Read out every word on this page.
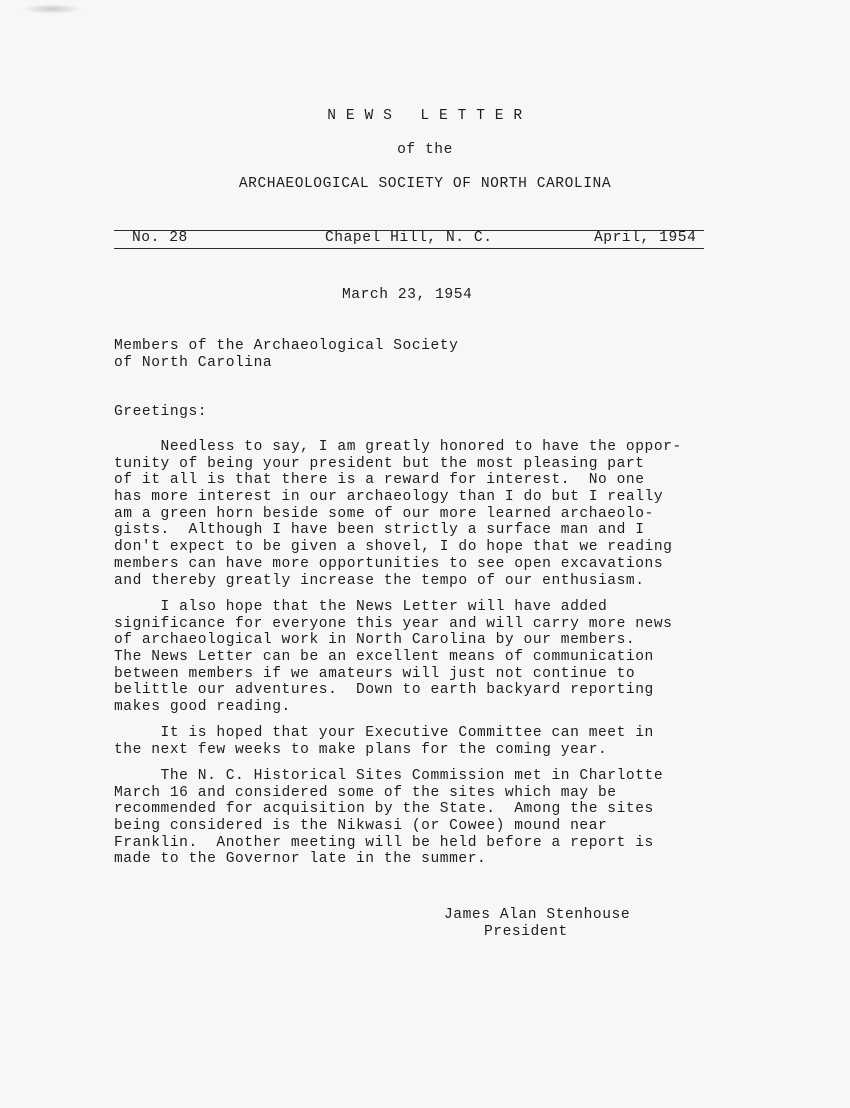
N E W S   L E T T E R
of the
ARCHAEOLOGICAL SOCIETY OF NORTH CAROLINA
No. 28	Chapel Hill, N. C.	April, 1954
March 23, 1954
Members of the Archaeological Society
of North Carolina
Greetings:
Needless to say, I am greatly honored to have the oppor-
tunity of being your president but the most pleasing part
of it all is that there is a reward for interest.  No one
has more interest in our archaeology than I do but I really
am a green horn beside some of our more learned archaeolo-
gists.  Although I have been strictly a surface man and I
don't expect to be given a shovel, I do hope that we reading
members can have more opportunities to see open excavations
and thereby greatly increase the tempo of our enthusiasm.
I also hope that the News Letter will have added
significance for everyone this year and will carry more news
of archaeological work in North Carolina by our members.
The News Letter can be an excellent means of communication
between members if we amateurs will just not continue to
belittle our adventures.  Down to earth backyard reporting
makes good reading.
It is hoped that your Executive Committee can meet in
the next few weeks to make plans for the coming year.
The N. C. Historical Sites Commission met in Charlotte
March 16 and considered some of the sites which may be
recommended for acquisition by the State.  Among the sites
being considered is the Nikwasi (or Cowee) mound near
Franklin.  Another meeting will be held before a report is
made to the Governor late in the summer.
James Alan Stenhouse
President
